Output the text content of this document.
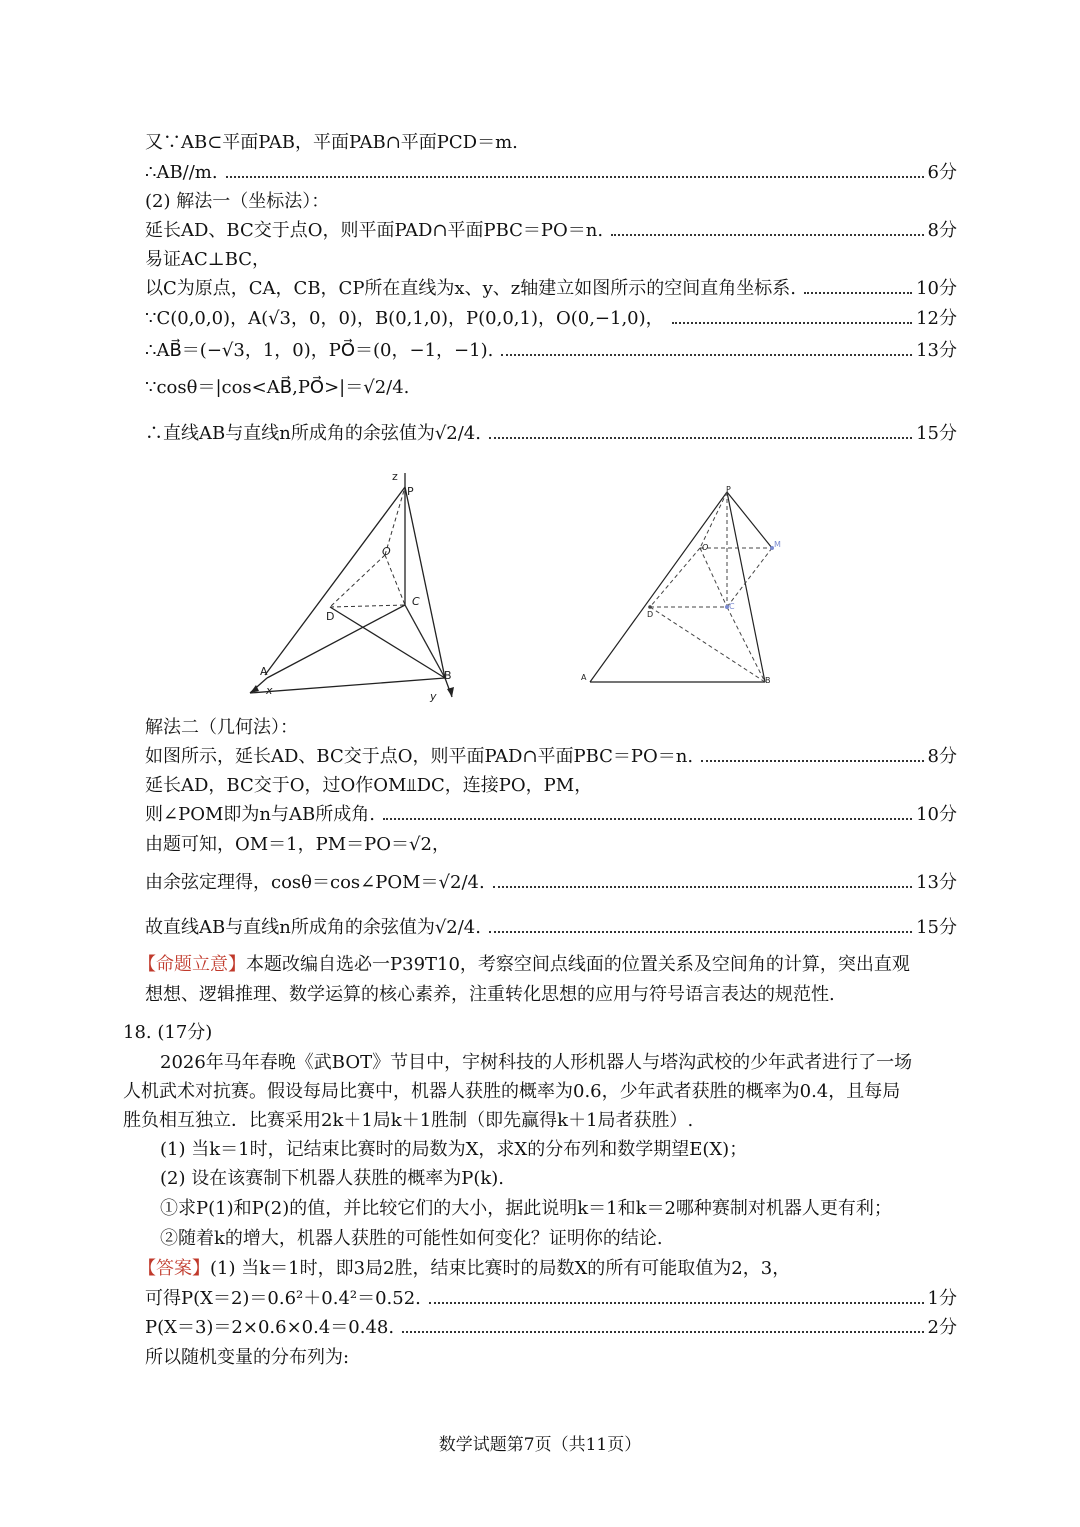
又∵AB⊂平面PAB，平面PAB∩平面PCD＝m.
∴AB//m.	6分
(2) 解法一（坐标法）：
延长AD、BC交于点O，则平面PAD∩平面PBC＝PO＝n.	8分
易证AC⊥BC，
以C为原点，CA，CB，CP所在直线为x、y、z轴建立如图所示的空间直角坐标系.	10分
∵C(0,0,0)，A(√3，0，0)，B(0,1,0)，P(0,0,1)，O(0,−1,0)，	12分
∴AB⃗＝(−√3，1，0)，PO⃗＝(0，−1，−1).	13分
∵cosθ＝|cos<AB⃗,PO⃗>|＝√2/4.
∴直线AB与直线n所成角的余弦值为√2/4.	15分
z
P
O
C
D
A	B
x	y
P
O	M
C
D
A	B
解法二（几何法）：
如图所示，延长AD、BC交于点O，则平面PAD∩平面PBC＝PO＝n.	8分
延长AD，BC交于O，过O作OM⫫DC，连接PO，PM，
则∠POM即为n与AB所成角.	10分
由题可知，OM＝1，PM＝PO＝√2，
由余弦定理得，cosθ＝cos∠POM＝√2/4.	13分
故直线AB与直线n所成角的余弦值为√2/4.	15分
【命题立意】本题改编自选必一P39T10，考察空间点线面的位置关系及空间角的计算，突出直观
想想、逻辑推理、数学运算的核心素养，注重转化思想的应用与符号语言表达的规范性.
18. (17分)
2026年马年春晚《武BOT》节目中，宇树科技的人形机器人与塔沟武校的少年武者进行了一场
人机武术对抗赛。假设每局比赛中，机器人获胜的概率为0.6，少年武者获胜的概率为0.4，且每局
胜负相互独立．比赛采用2k＋1局k＋1胜制（即先赢得k＋1局者获胜）.
(1) 当k＝1时，记结束比赛时的局数为X，求X的分布列和数学期望E(X)；
(2) 设在该赛制下机器人获胜的概率为P(k).
①求P(1)和P(2)的值，并比较它们的大小，据此说明k＝1和k＝2哪种赛制对机器人更有利；
②随着k的增大，机器人获胜的可能性如何变化？证明你的结论.
【答案】(1) 当k＝1时，即3局2胜，结束比赛时的局数X的所有可能取值为2，3，
可得P(X＝2)＝0.6²＋0.4²＝0.52.	1分
P(X＝3)＝2×0.6×0.4＝0.48.	2分
所以随机变量的分布列为:
数学试题第7页（共11页）
